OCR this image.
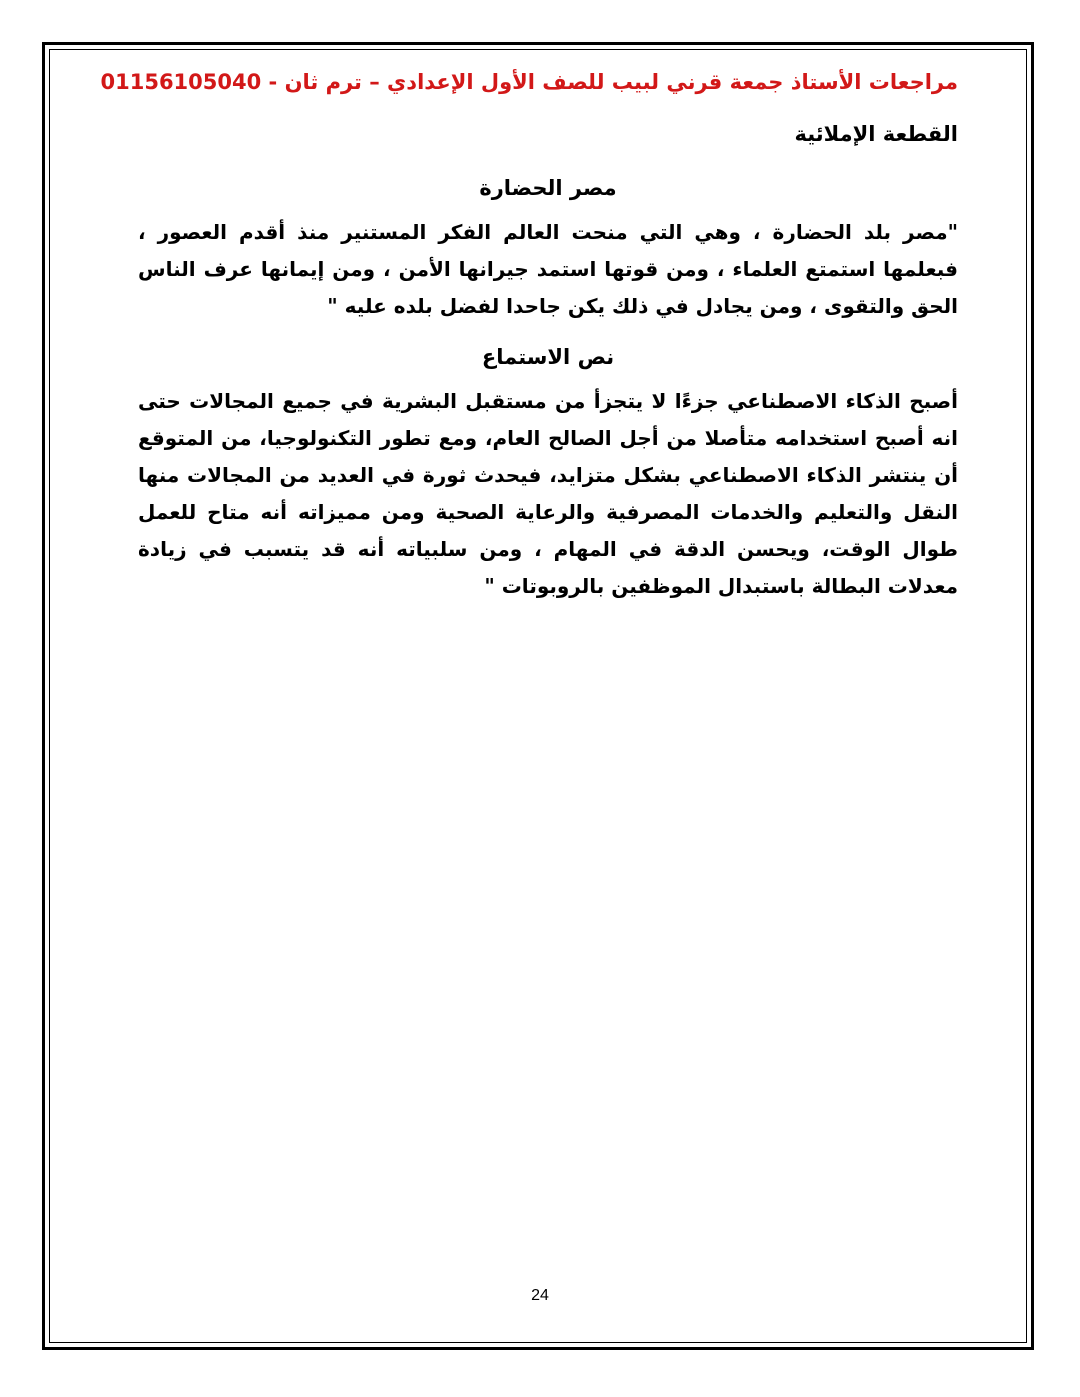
مراجعات الأستاذ جمعة قرني لبيب للصف الأول الإعدادي – ترم ثان - 01156105040

القطعة الإملائية

مصر الحضارة

"مصر بلد الحضارة ، وهي التي منحت العالم الفكر المستنير منذ أقدم العصور ، فبعلمها استمتع العلماء ، ومن قوتها استمد جيرانها الأمن ، ومن إيمانها عرف الناس الحق والتقوى ، ومن يجادل في ذلك يكن جاحدا لفضل بلده عليه "

نص الاستماع

أصبح الذكاء الاصطناعي جزءًا لا يتجزأ من مستقبل البشرية في جميع المجالات حتى انه أصبح استخدامه متأصلا من أجل الصالح العام، ومع تطور التكنولوجيا، من المتوقع أن ينتشر الذكاء الاصطناعي بشكل متزايد، فيحدث ثورة في العديد من المجالات منها النقل والتعليم والخدمات المصرفية والرعاية الصحية ومن مميزاته أنه متاح للعمل طوال الوقت، ويحسن الدقة في المهام ، ومن سلبياته أنه قد يتسبب في زيادة معدلات البطالة باستبدال الموظفين بالروبوتات "

24
